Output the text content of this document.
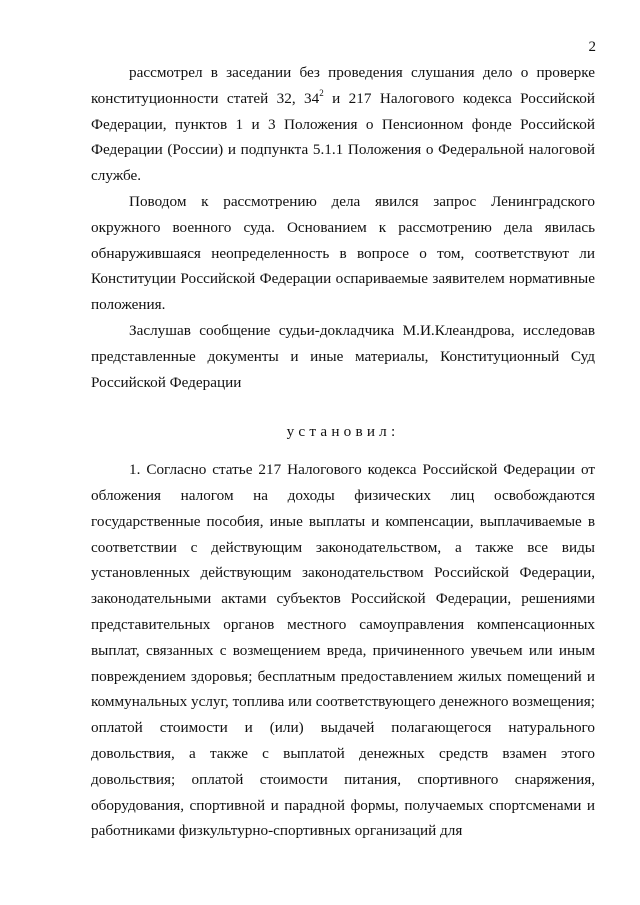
2

рассмотрел в заседании без проведения слушания дело о проверке конституционности статей 32, $34^2$ и 217 Налогового кодекса Российской Федерации, пунктов 1 и 3 Положения о Пенсионном фонде Российской Федерации (России) и подпункта 5.1.1 Положения о Федеральной налоговой службе.

Поводом к рассмотрению дела явился запрос Ленинградского окружного военного суда. Основанием к рассмотрению дела явилась обнаружившаяся неопределенность в вопросе о том, соответствуют ли Конституции Российской Федерации оспариваемые заявителем нормативные положения.

Заслушав сообщение судьи-докладчика М.И.Клеандрова, исследовав представленные документы и иные материалы, Конституционный Суд Российской Федерации

установил:

1. Согласно статье 217 Налогового кодекса Российской Федерации от обложения налогом на доходы физических лиц освобождаются государственные пособия, иные выплаты и компенсации, выплачиваемые в соответствии с действующим законодательством, а также все виды установленных действующим законодательством Российской Федерации, законодательными актами субъектов Российской Федерации, решениями представительных органов местного самоуправления компенсационных выплат, связанных с возмещением вреда, причиненного увечьем или иным повреждением здоровья; бесплатным предоставлением жилых помещений и коммунальных услуг, топлива или соответствующего денежного возмещения; оплатой стоимости и (или) выдачей полагающегося натурального довольствия, а также с выплатой денежных средств взамен этого довольствия; оплатой стоимости питания, спортивного снаряжения, оборудования, спортивной и парадной формы, получаемых спортсменами и работниками физкультурно-спортивных организаций для
